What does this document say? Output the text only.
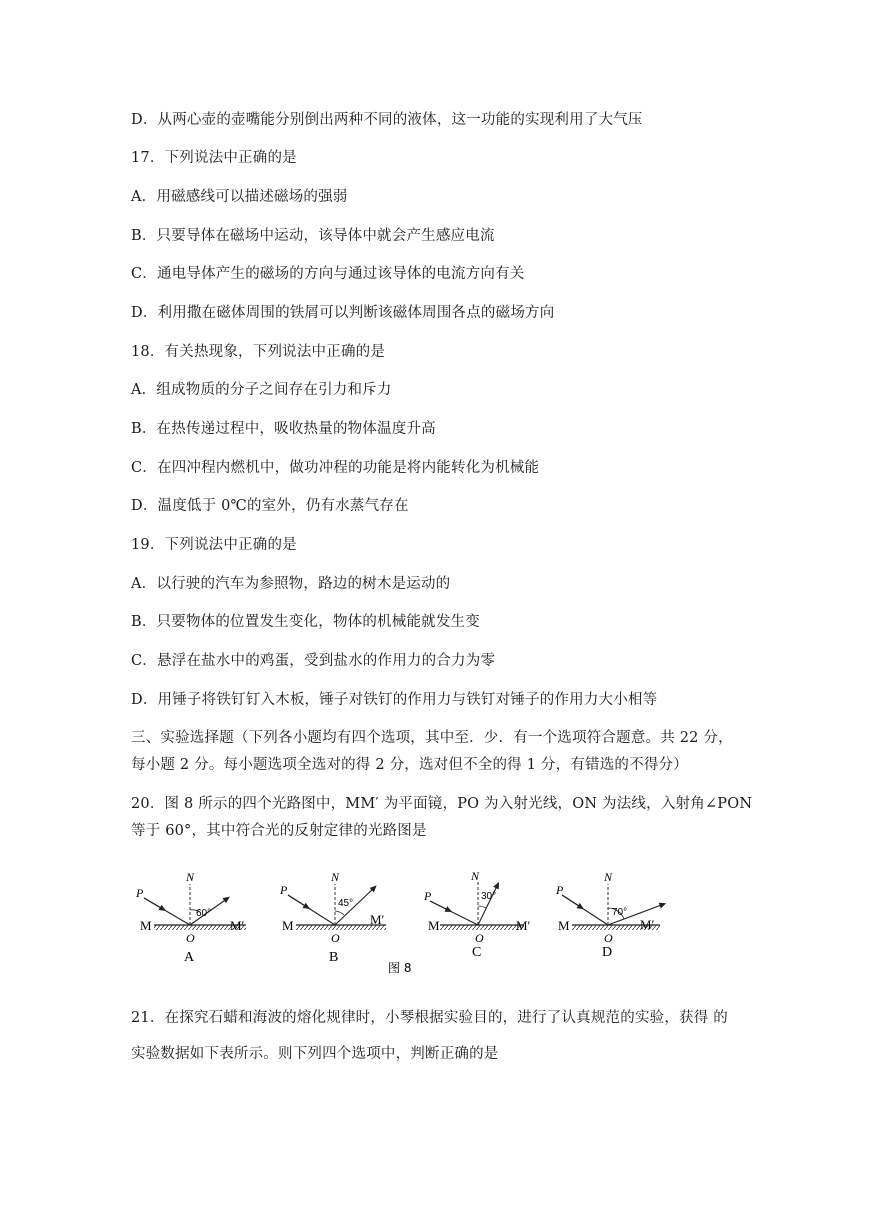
D．从两心壶的壶嘴能分别倒出两种不同的液体，这一功能的实现利用了大气压
17．下列说法中正确的是
A．用磁感线可以描述磁场的强弱
B．只要导体在磁场中运动，该导体中就会产生感应电流
C．通电导体产生的磁场的方向与通过该导体的电流方向有关
D．利用撒在磁体周围的铁屑可以判断该磁体周围各点的磁场方向
18．有关热现象，下列说法中正确的是
A．组成物质的分子之间存在引力和斥力
B．在热传递过程中，吸收热量的物体温度升高
C．在四冲程内燃机中，做功冲程的功能是将内能转化为机械能
D．温度低于 0℃的室外，仍有水蒸气存在
19．下列说法中正确的是
A．以行驶的汽车为参照物，路边的树木是运动的
B．只要物体的位置发生变化，物体的机械能就发生变
C．悬浮在盐水中的鸡蛋，受到盐水的作用力的合力为零
D．用锤子将铁钉钉入木板，锤子对铁钉的作用力与铁钉对锤子的作用力大小相等
三、实验选择题（下列各小题均有四个选项，其中至．少．有一个选项符合题意。共 22 分，
每小题 2 分。每小题选项全选对的得 2 分，选对但不全的得 1 分，有错选的不得分）
20．图 8 所示的四个光路图中，MM′ 为平面镜，PO 为入射光线，ON 为法线，入射角∠PON
等于 60°，其中符合光的反射定律的光路图是
P
N
M	M′
O
60°
A
P
N
M	M′
O
45°
B
P
N
M	M′
O
30°
C
P
N
M	M′
O
70°
D
图 8
21．在探究石蜡和海波的熔化规律时，小琴根据实验目的，进行了认真规范的实验，获得 的
实验数据如下表所示。则下列四个选项中，判断正确的是
